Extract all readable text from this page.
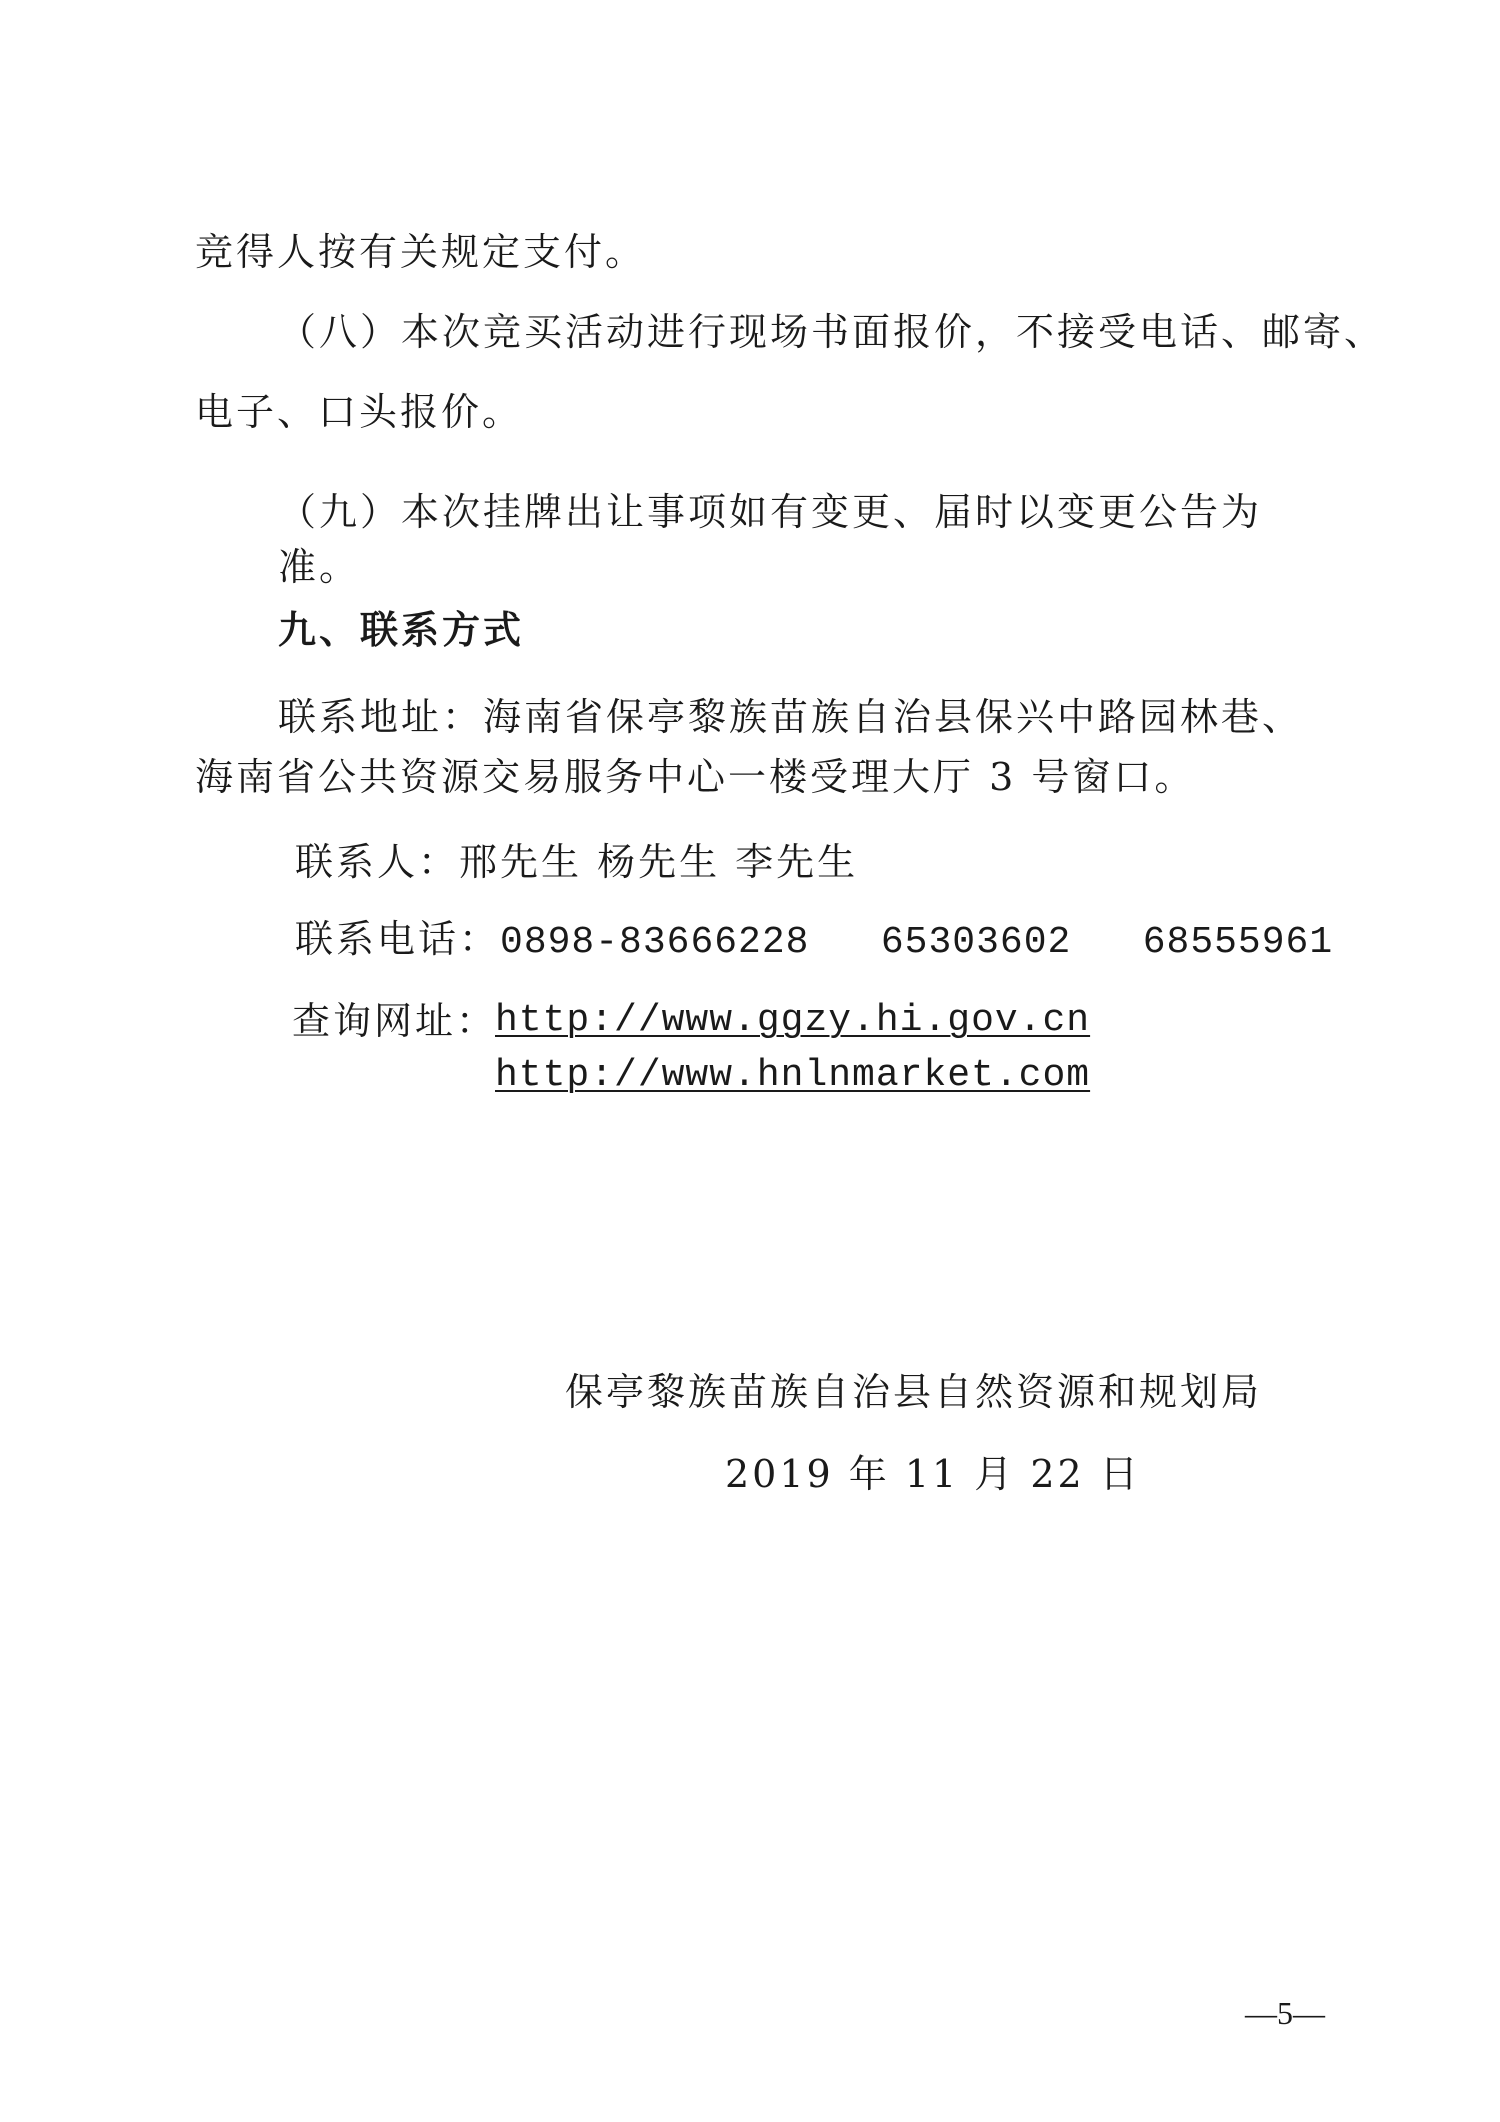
竞得人按有关规定支付。
（八）本次竞买活动进行现场书面报价，不接受电话、邮寄、
电子、口头报价。
（九）本次挂牌出让事项如有变更、届时以变更公告为
准。
九、联系方式
联系地址：海南省保亭黎族苗族自治县保兴中路园林巷、
海南省公共资源交易服务中心一楼受理大厅 3 号窗口。
联系人：邢先生 杨先生 李先生
联系电话：0898-83666228   65303602   68555961
查询网址：
http://www.ggzy.hi.gov.cn
http://www.hnlnmarket.com
保亭黎族苗族自治县自然资源和规划局
2019 年 11 月 22 日
—5—
